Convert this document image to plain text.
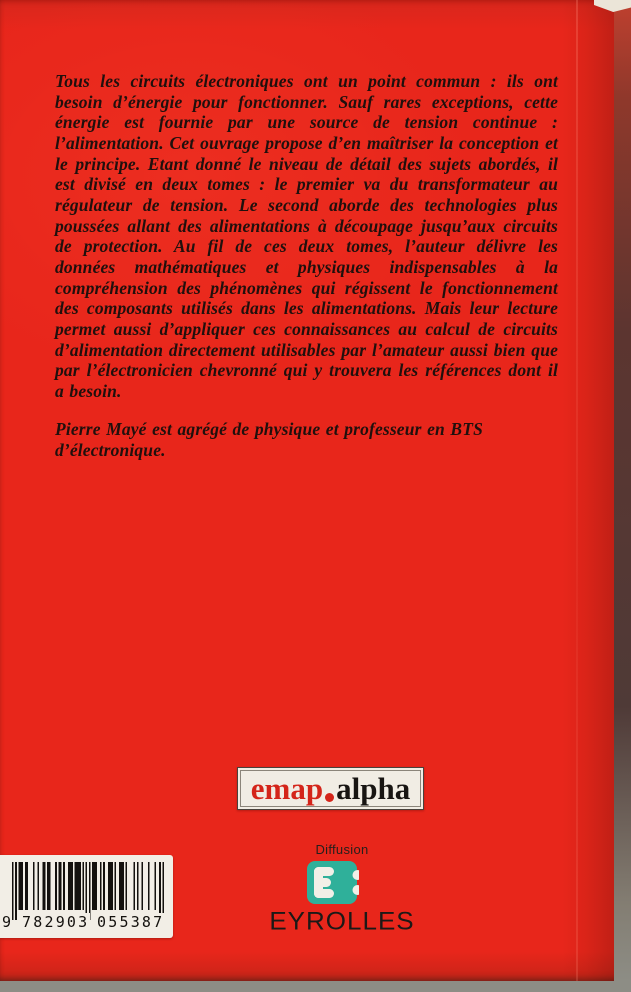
Tous les circuits électroniques ont un point commun : ils ont besoin d’énergie pour fonctionner. Sauf rares exceptions, cette énergie est fournie par une source de tension continue : l’alimentation. Cet ouvrage propose d’en maîtriser la conception et le principe. Etant donné le niveau de détail des sujets abordés, il est divisé en deux tomes : le premier va du transformateur au régulateur de tension. Le second aborde des technologies plus poussées allant des alimentations à découpage jusqu’aux circuits de protection. Au fil de ces deux tomes, l’auteur délivre les données mathématiques et physiques indispensables à la compréhension des phénomènes qui régissent le fonctionnement des composants utilisés dans les alimentations. Mais leur lecture permet aussi d’appliquer ces connaissances au calcul de circuits d’alimentation directement utilisables par l’amateur aussi bien que par l’électronicien chevronné qui y trouvera les références dont il a besoin.

Pierre Mayé est agrégé de physique et professeur en BTS d’électronique.

emap alpha
9 782903 055387
Diffusion
EYROLLES
